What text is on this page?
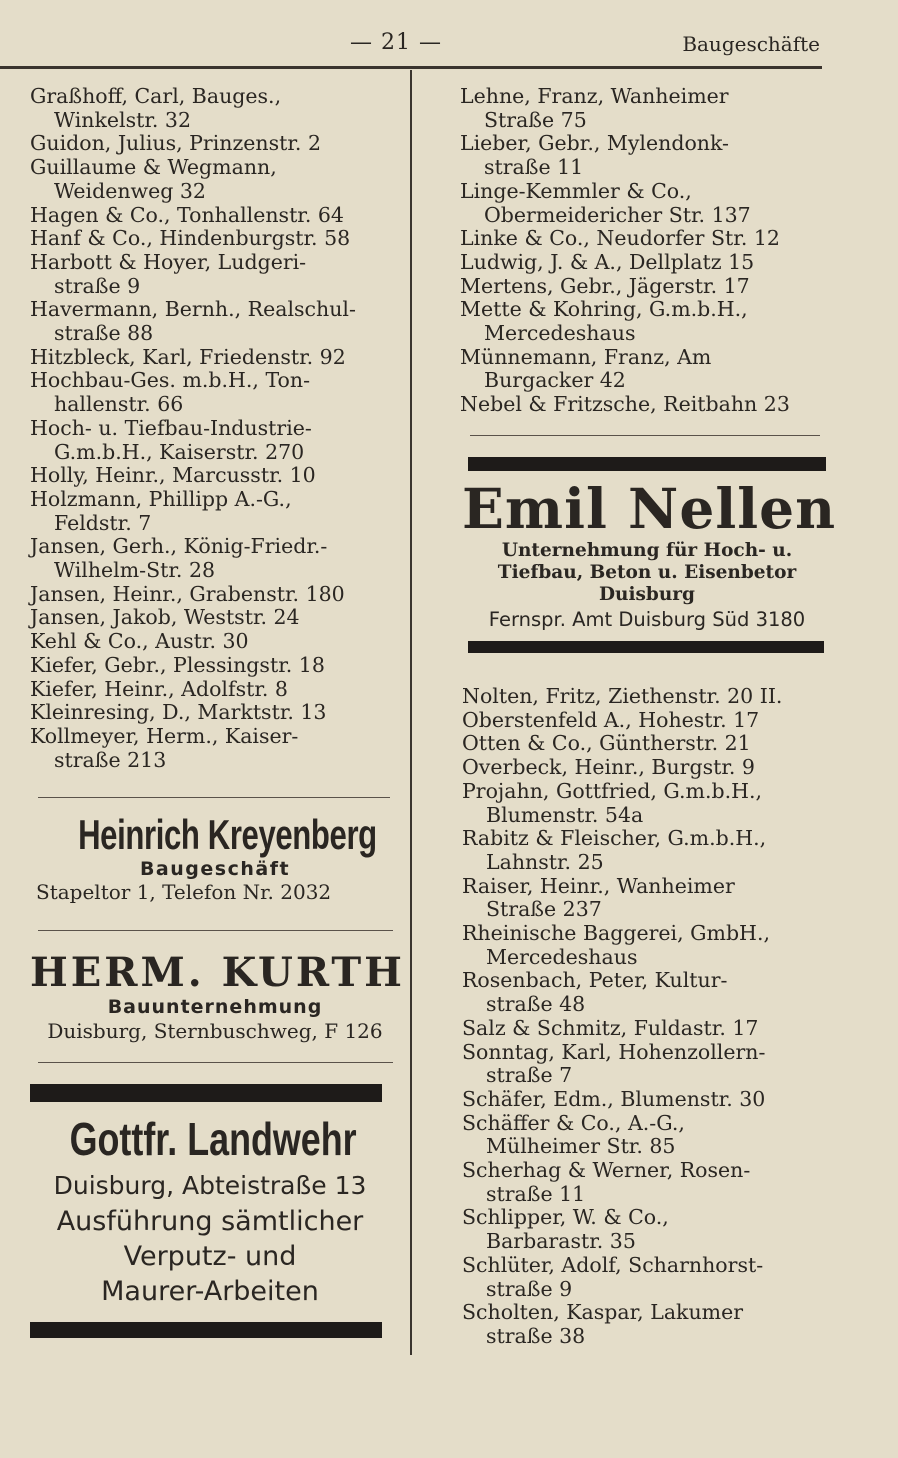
— 21 —	Baugeschäfte
Graßhoff, Carl, Bauges.,
Winkelstr. 32
Guidon, Julius, Prinzenstr. 2
Guillaume & Wegmann,
Weidenweg 32
Hagen & Co., Tonhallenstr. 64
Hanf & Co., Hindenburgstr. 58
Harbott & Hoyer, Ludgeri-
straße 9
Havermann, Bernh., Realschul-
straße 88
Hitzbleck, Karl, Friedenstr. 92
Hochbau-Ges. m.b.H., Ton-
hallenstr. 66
Hoch- u. Tiefbau-Industrie-
G.m.b.H., Kaiserstr. 270
Holly, Heinr., Marcusstr. 10
Holzmann, Phillipp A.-G.,
Feldstr. 7
Jansen, Gerh., König-Friedr.-
Wilhelm-Str. 28
Jansen, Heinr., Grabenstr. 180
Jansen, Jakob, Weststr. 24
Kehl & Co., Austr. 30
Kiefer, Gebr., Plessingstr. 18
Kiefer, Heinr., Adolfstr. 8
Kleinresing, D., Marktstr. 13
Kollmeyer, Herm., Kaiser-
straße 213
Heinrich Kreyenberg
Baugeschäft
Stapeltor 1, Telefon Nr. 2032
HERM. KURTH
Bauunternehmung
Duisburg, Sternbuschweg, F 126
Gottfr. Landwehr
Duisburg, Abteistraße 13
Ausführung sämtlicher
Verputz- und
Maurer-Arbeiten
Lehne, Franz, Wanheimer
Straße 75
Lieber, Gebr., Mylendonk-
straße 11
Linge-Kemmler & Co.,
Obermeidericher Str. 137
Linke & Co., Neudorfer Str. 12
Ludwig, J. & A., Dellplatz 15
Mertens, Gebr., Jägerstr. 17
Mette & Kohring, G.m.b.H.,
Mercedeshaus
Münnemann, Franz, Am
Burgacker 42
Nebel & Fritzsche, Reitbahn 23
Emil Nellen
Unternehmung für Hoch- u.
Tiefbau, Beton u. Eisenbetor
Duisburg
Fernspr. Amt Duisburg Süd 3180
Nolten, Fritz, Ziethenstr. 20 II.
Oberstenfeld A., Hohestr. 17
Otten & Co., Güntherstr. 21
Overbeck, Heinr., Burgstr. 9
Projahn, Gottfried, G.m.b.H.,
Blumenstr. 54a
Rabitz & Fleischer, G.m.b.H.,
Lahnstr. 25
Raiser, Heinr., Wanheimer
Straße 237
Rheinische Baggerei, GmbH.,
Mercedeshaus
Rosenbach, Peter, Kultur-
straße 48
Salz & Schmitz, Fuldastr. 17
Sonntag, Karl, Hohenzollern-
straße 7
Schäfer, Edm., Blumenstr. 30
Schäffer & Co., A.-G.,
Mülheimer Str. 85
Scherhag & Werner, Rosen-
straße 11
Schlipper, W. & Co.,
Barbarastr. 35
Schlüter, Adolf, Scharnhorst-
straße 9
Scholten, Kaspar, Lakumer
straße 38
